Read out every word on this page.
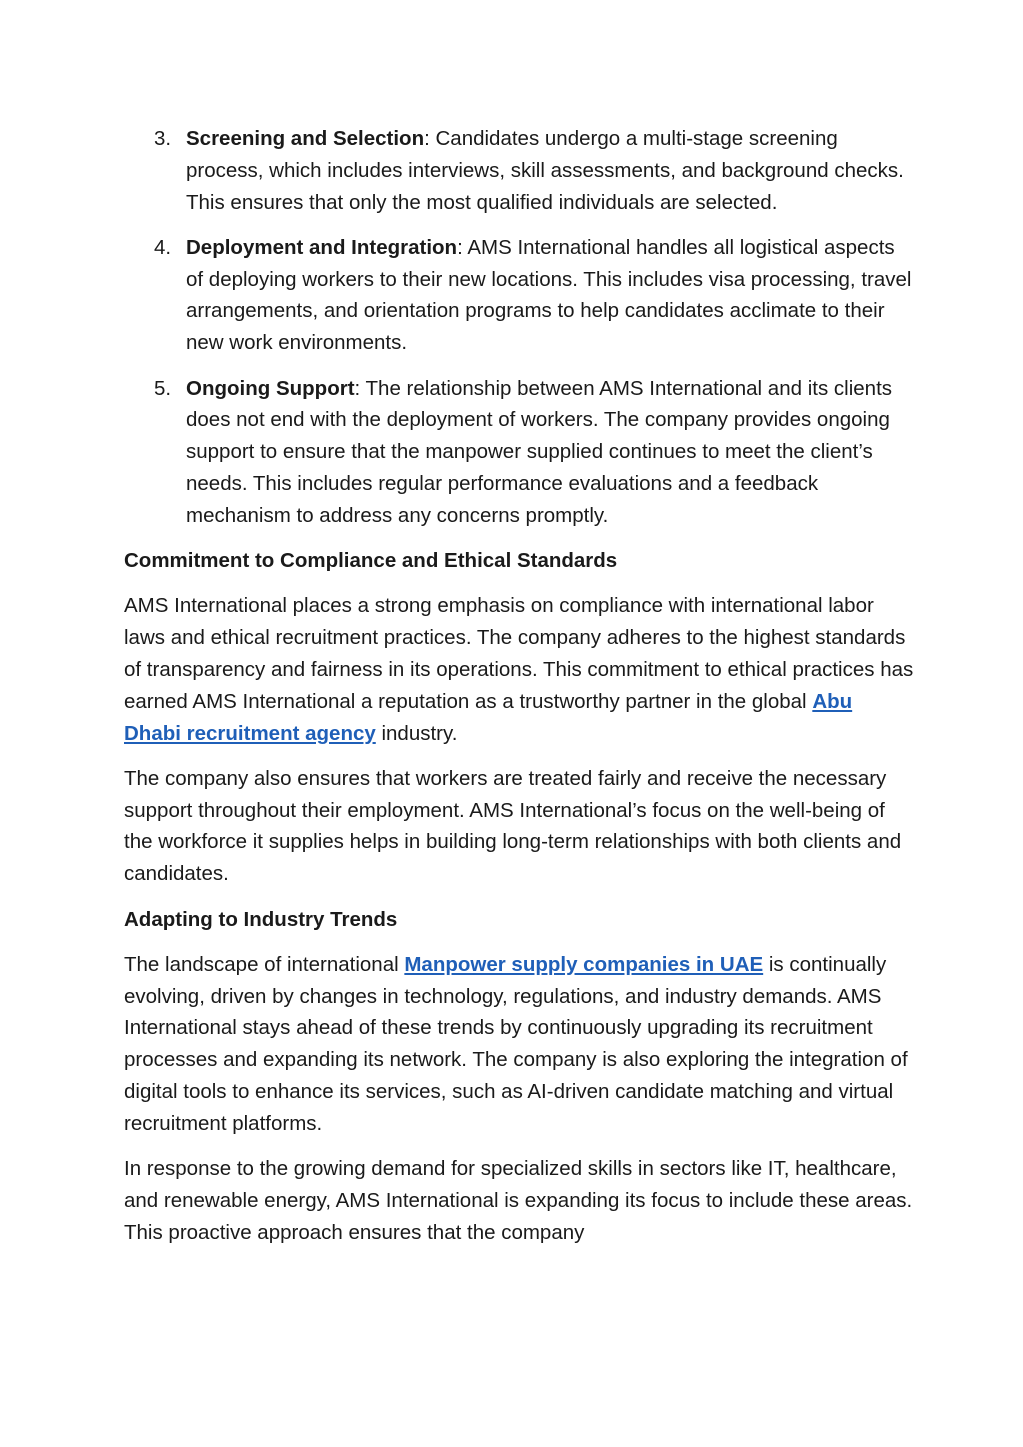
3. Screening and Selection: Candidates undergo a multi-stage screening process, which includes interviews, skill assessments, and background checks. This ensures that only the most qualified individuals are selected.
4. Deployment and Integration: AMS International handles all logistical aspects of deploying workers to their new locations. This includes visa processing, travel arrangements, and orientation programs to help candidates acclimate to their new work environments.
5. Ongoing Support: The relationship between AMS International and its clients does not end with the deployment of workers. The company provides ongoing support to ensure that the manpower supplied continues to meet the client’s needs. This includes regular performance evaluations and a feedback mechanism to address any concerns promptly.

Commitment to Compliance and Ethical Standards

AMS International places a strong emphasis on compliance with international labor laws and ethical recruitment practices. The company adheres to the highest standards of transparency and fairness in its operations. This commitment to ethical practices has earned AMS International a reputation as a trustworthy partner in the global Abu Dhabi recruitment agency industry.

The company also ensures that workers are treated fairly and receive the necessary support throughout their employment. AMS International’s focus on the well-being of the workforce it supplies helps in building long-term relationships with both clients and candidates.

Adapting to Industry Trends

The landscape of international Manpower supply companies in UAE is continually evolving, driven by changes in technology, regulations, and industry demands. AMS International stays ahead of these trends by continuously upgrading its recruitment processes and expanding its network. The company is also exploring the integration of digital tools to enhance its services, such as AI-driven candidate matching and virtual recruitment platforms.

In response to the growing demand for specialized skills in sectors like IT, healthcare, and renewable energy, AMS International is expanding its focus to include these areas. This proactive approach ensures that the company
